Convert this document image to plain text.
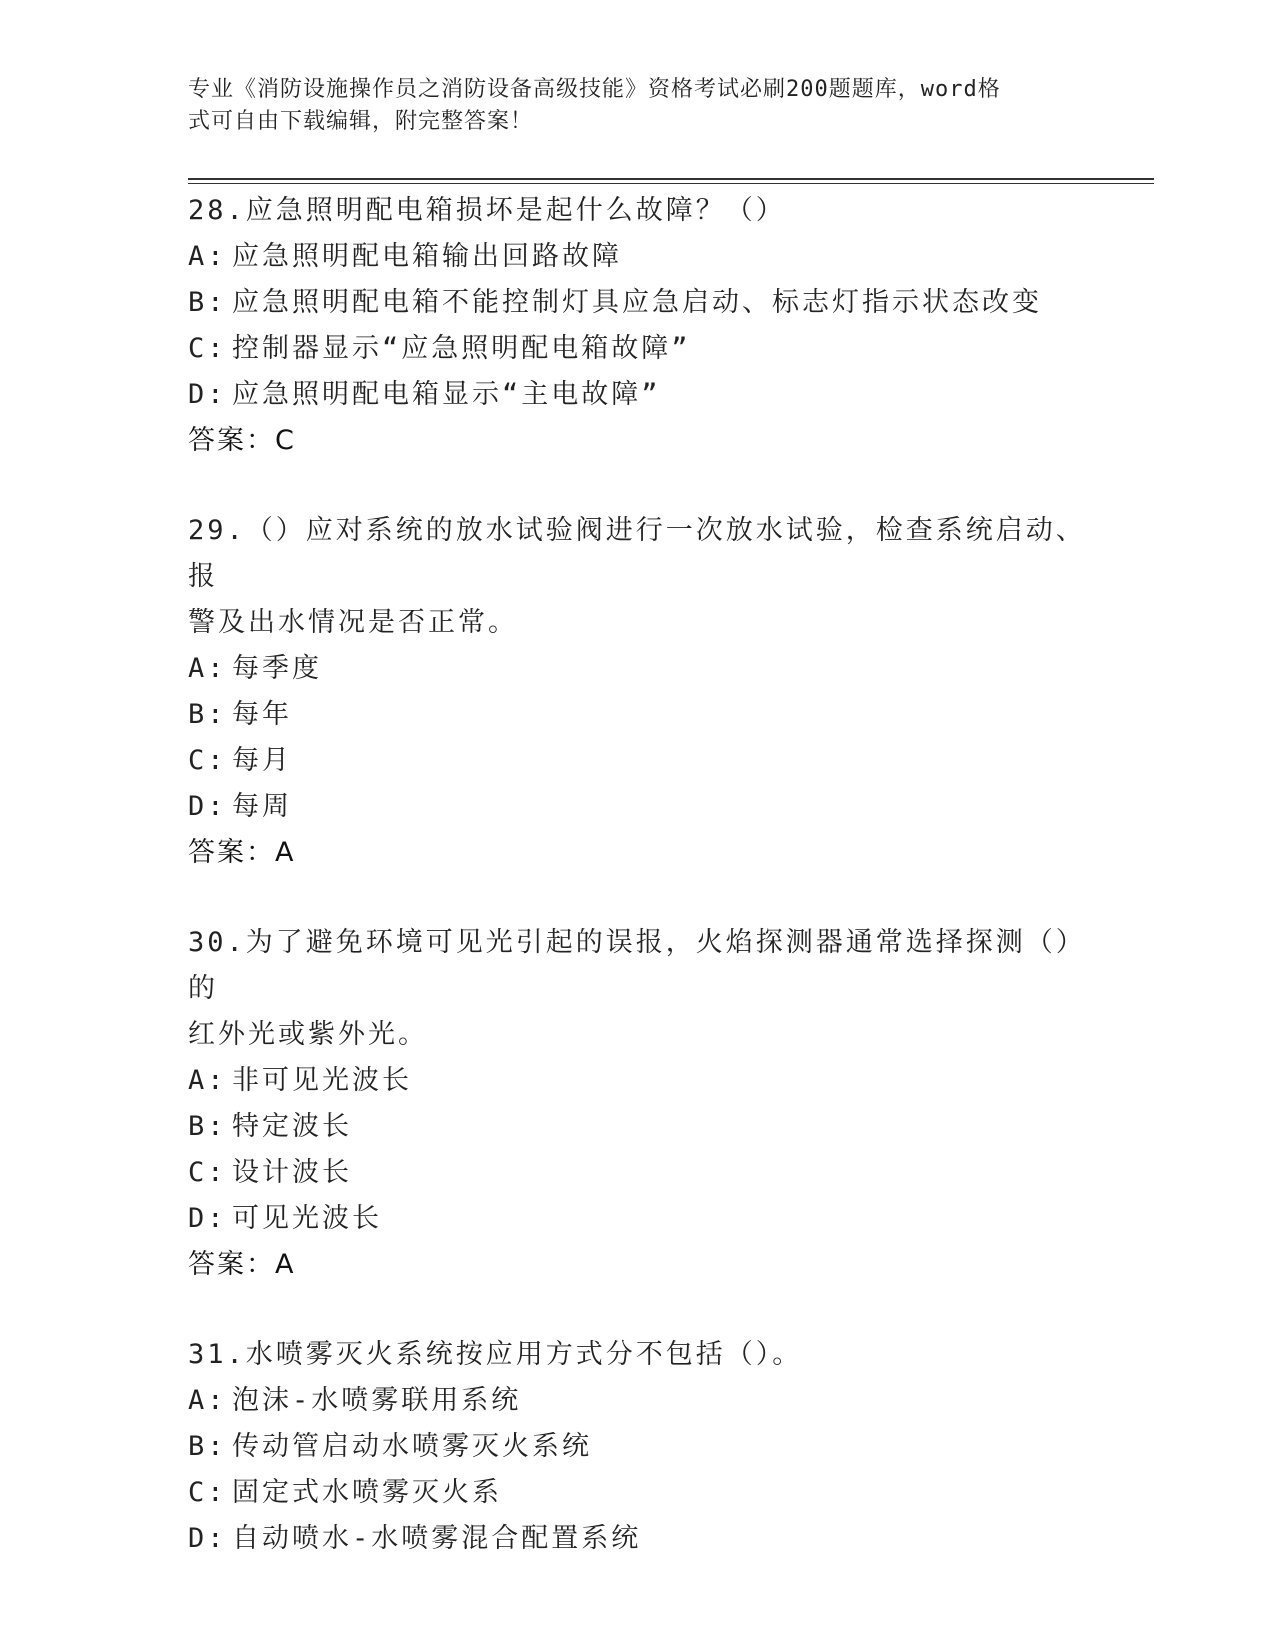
专业《消防设施操作员之消防设备高级技能》资格考试必刷200题题库，word格
式可自由下载编辑，附完整答案！
28.应急照明配电箱损坏是起什么故障？（）
A: 应急照明配电箱输出回路故障
B: 应急照明配电箱不能控制灯具应急启动、标志灯指示状态改变
C: 控制器显示“应急照明配电箱故障”
D: 应急照明配电箱显示“主电故障”
答案：C
29.（）应对系统的放水试验阀进行一次放水试验，检查系统启动、报
警及出水情况是否正常。
A: 每季度
B: 每年
C: 每月
D: 每周
答案：A
30.为了避免环境可见光引起的误报，火焰探测器通常选择探测（）的
红外光或紫外光。
A: 非可见光波长
B: 特定波长
C: 设计波长
D: 可见光波长
答案：A
31.水喷雾灭火系统按应用方式分不包括（）。
A: 泡沫-水喷雾联用系统
B: 传动管启动水喷雾灭火系统
C: 固定式水喷雾灭火系
D: 自动喷水-水喷雾混合配置系统
